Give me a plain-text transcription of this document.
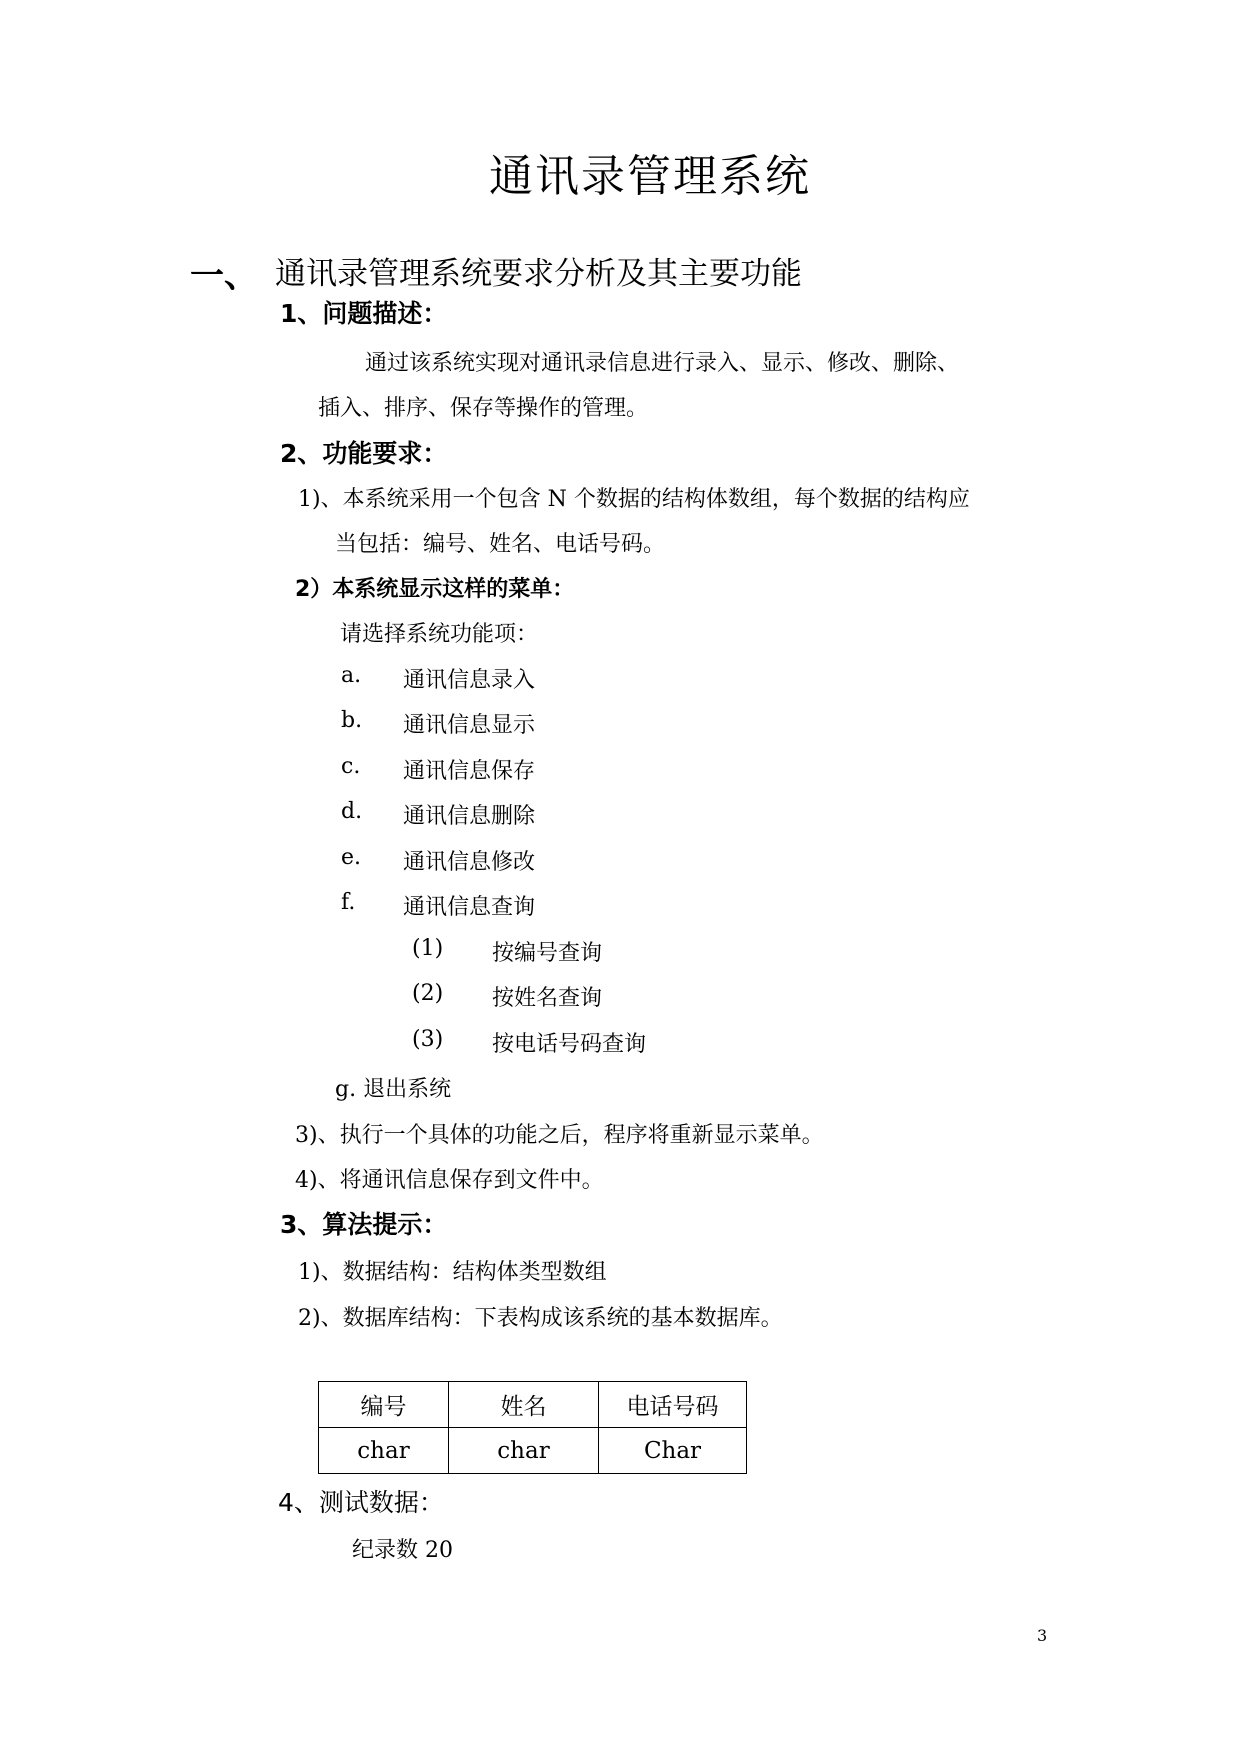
通讯录管理系统
一、 通讯录管理系统要求分析及其主要功能
1、问题描述：
通过该系统实现对通讯录信息进行录入、显示、修改、删除、
插入、排序、保存等操作的管理。
2、功能要求：
1)、本系统采用一个包含 N 个数据的结构体数组，每个数据的结构应
当包括：编号、姓名、电话号码。
2）本系统显示这样的菜单：
请选择系统功能项：
a. 通讯信息录入
b. 通讯信息显示
c. 通讯信息保存
d. 通讯信息删除
e. 通讯信息修改
f. 通讯信息查询
(1) 按编号查询
(2) 按姓名查询
(3) 按电话号码查询
g. 退出系统
3)、执行一个具体的功能之后，程序将重新显示菜单。
4)、将通讯信息保存到文件中。
3、算法提示：
1)、数据结构：结构体类型数组
2)、数据库结构：下表构成该系统的基本数据库。
编号	姓名	电话号码
char	char	Char
4、测试数据：
纪录数 20
3
